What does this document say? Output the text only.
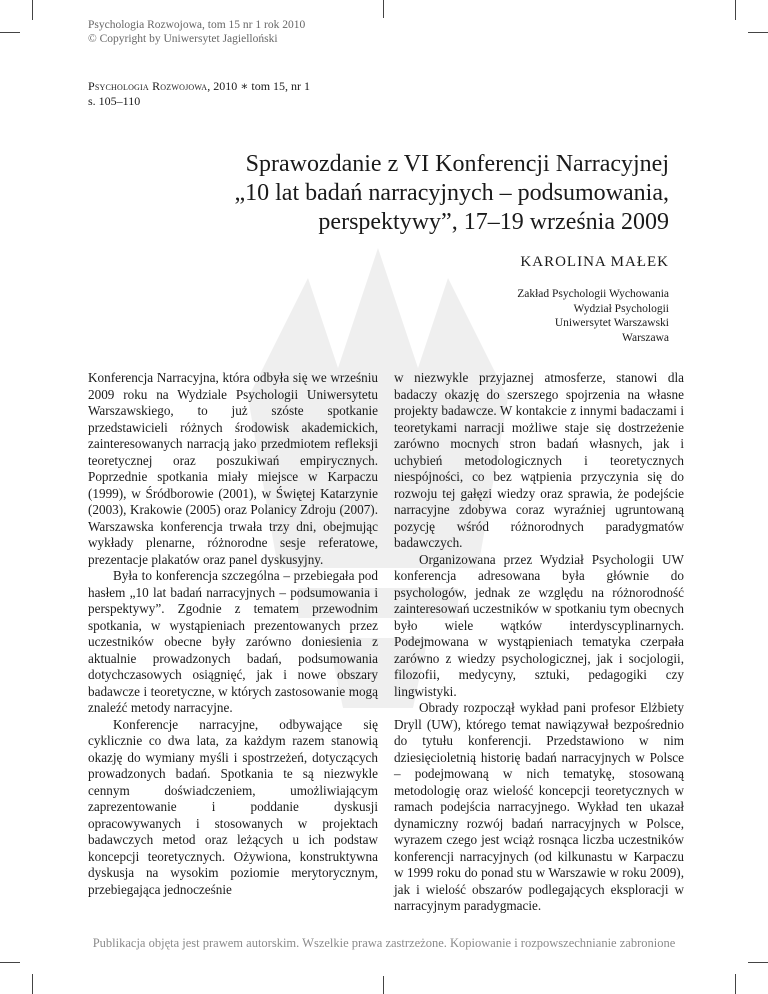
Psychologia Rozwojowa, tom 15 nr 1 rok 2010
© Copyright by Uniwersytet Jagielloński
Psychologia Rozwojowa, 2010 ∗ tom 15, nr 1
s. 105–110
Sprawozdanie z VI Konferencji Narracyjnej
„10 lat badań narracyjnych – podsumowania,
perspektywy”, 17–19 września 2009
KAROLINA MAŁEK
Zakład Psychologii Wychowania
Wydział Psychologii
Uniwersytet Warszawski
Warszawa

Konferencja Narracyjna, która odbyła się we wrześniu 2009 roku na Wydziale Psychologii Uniwersytetu Warszawskiego, to już szóste spotkanie przedstawicieli różnych środowisk akademickich, zainteresowanych narracją jako przedmiotem refleksji teoretycznej oraz poszukiwań empirycznych. Poprzednie spotkania miały miejsce w Karpaczu (1999), w Śródborowie (2001), w Świętej Katarzynie (2003), Krakowie (2005) oraz Polanicy Zdroju (2007). Warszawska konferencja trwała trzy dni, obejmując wykłady plenarne, różnorodne sesje referatowe, prezentacje plakatów oraz panel dyskusyjny.

Była to konferencja szczególna – przebiegała pod hasłem „10 lat badań narracyjnych – podsumowania i perspektywy”. Zgodnie z tematem przewodnim spotkania, w wystąpieniach prezentowanych przez uczestników obecne były zarówno doniesienia z aktualnie prowadzonych badań, podsumowania dotychczasowych osiągnięć, jak i nowe obszary badawcze i teoretyczne, w których zastosowanie mogą znaleźć metody narracyjne.

Konferencje narracyjne, odbywające się cyklicznie co dwa lata, za każdym razem stanowią okazję do wymiany myśli i spostrzeżeń, dotyczących prowadzonych badań. Spotkania te są niezwykle cennym doświadczeniem, umożliwiającym zaprezentowanie i poddanie dyskusji opracowywanych i stosowanych w projektach badawczych metod oraz leżących u ich podstaw koncepcji teoretycznych. Ożywiona, konstruktywna dyskusja na wysokim poziomie merytorycznym, przebiegająca jednocześnie

w niezwykle przyjaznej atmosferze, stanowi dla badaczy okazję do szerszego spojrzenia na własne projekty badawcze. W kontakcie z innymi badaczami i teoretykami narracji możliwe staje się dostrzeżenie zarówno mocnych stron badań własnych, jak i uchybień metodologicznych i teoretycznych niespójności, co bez wątpienia przyczynia się do rozwoju tej gałęzi wiedzy oraz sprawia, że podejście narracyjne zdobywa coraz wyraźniej ugruntowaną pozycję wśród różnorodnych paradygmatów badawczych.

Organizowana przez Wydział Psychologii UW konferencja adresowana była głównie do psychologów, jednak ze względu na różnorodność zainteresowań uczestników w spotkaniu tym obecnych było wiele wątków interdyscyplinarnych. Podejmowana w wystąpieniach tematyka czerpała zarówno z wiedzy psychologicznej, jak i socjologii, filozofii, medycyny, sztuki, pedagogiki czy lingwistyki.

Obrady rozpoczął wykład pani profesor Elżbiety Dryll (UW), którego temat nawiązywał bezpośrednio do tytułu konferencji. Przedstawiono w nim dziesięcioletnią historię badań narracyjnych w Polsce – podejmowaną w nich tematykę, stosowaną metodologię oraz wielość koncepcji teoretycznych w ramach podejścia narracyjnego. Wykład ten ukazał dynamiczny rozwój badań narracyjnych w Polsce, wyrazem czego jest wciąż rosnąca liczba uczestników konferencji narracyjnych (od kilkunastu w Karpaczu w 1999 roku do ponad stu w Warszawie w roku 2009), jak i wielość obszarów podlegających eksploracji w narracyjnym paradygmacie.

Publikacja objęta jest prawem autorskim. Wszelkie prawa zastrzeżone. Kopiowanie i rozpowszechnianie zabronione
